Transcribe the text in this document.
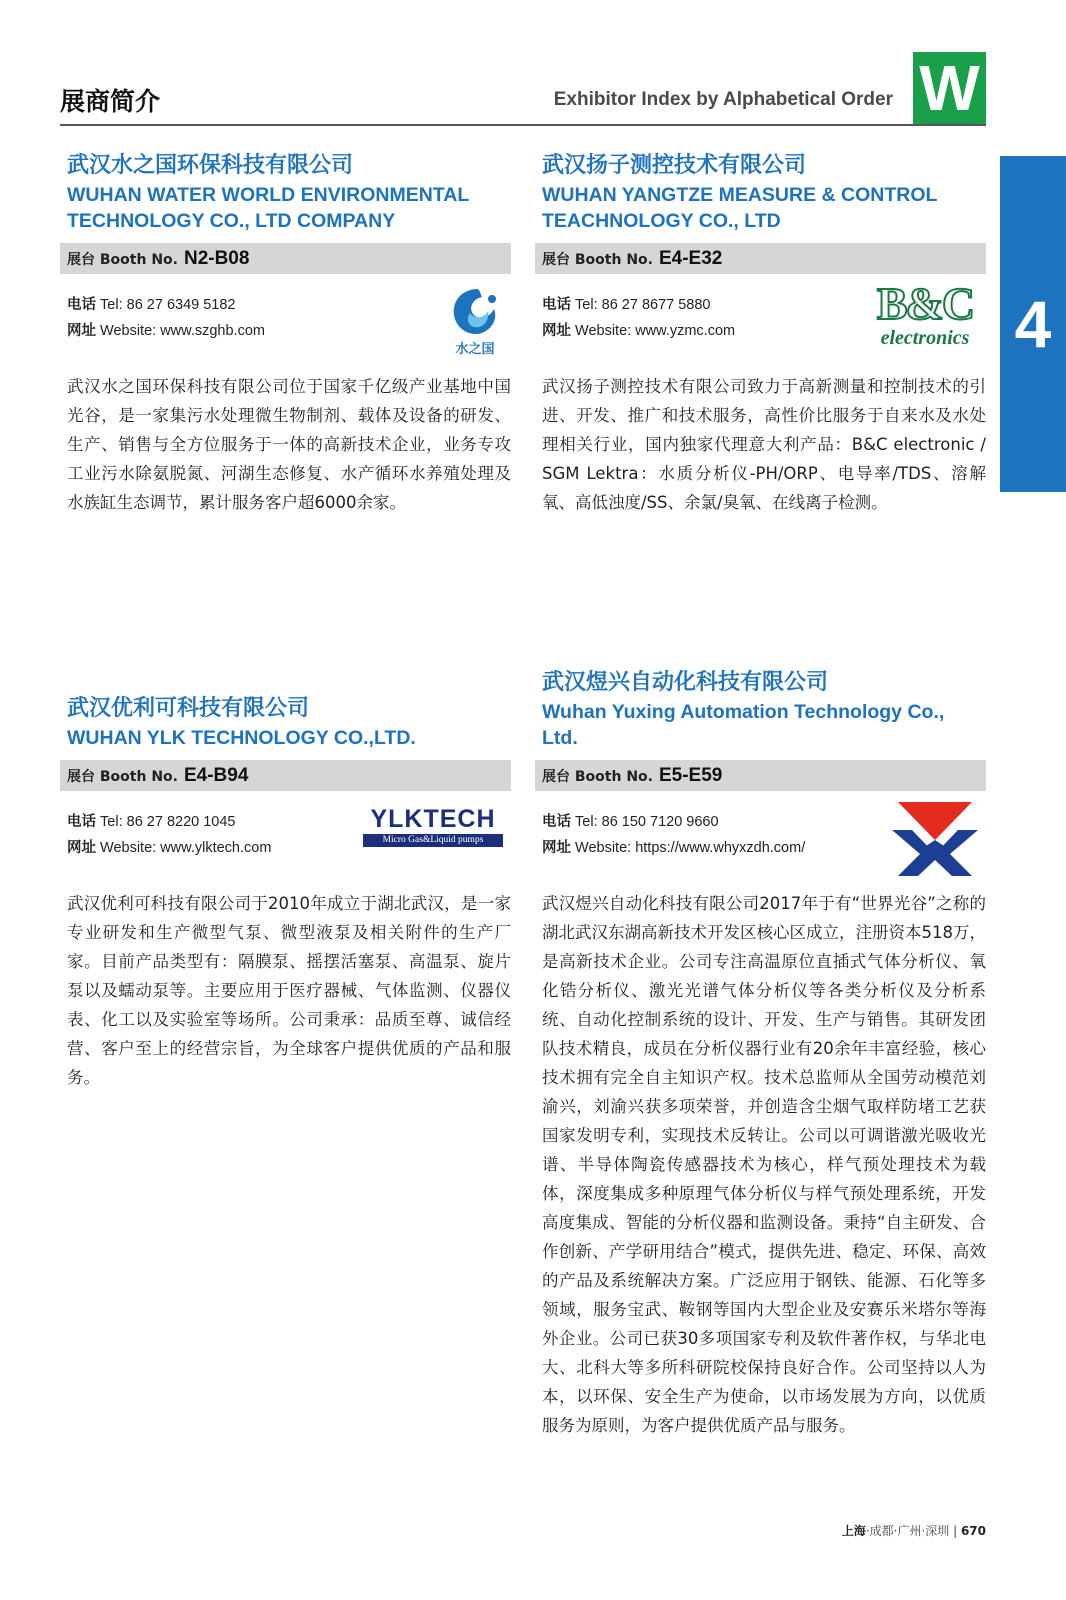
展商简介	Exhibitor Index by Alphabetical Order W
4
武汉水之国环保科技有限公司
WUHAN WATER WORLD ENVIRONMENTAL
TECHNOLOGY CO., LTD COMPANY
展台 Booth No. N2-B08
电话 Tel: 86 27 6349 5182
网址 Website: www.szghb.com
水之国
武汉水之国环保科技有限公司位于国家千亿级产业基地中国光谷，是一家集污水处理微生物制剂、载体及设备的研发、生产、销售与全方位服务于一体的高新技术企业，业务专攻工业污水除氨脱氮、河湖生态修复、水产循环水养殖处理及水族缸生态调节，累计服务客户超6000余家。
武汉扬子测控技术有限公司
WUHAN YANGTZE MEASURE & CONTROL
TEACHNOLOGY CO., LTD
展台 Booth No. E4-E32
电话 Tel: 86 27 8677 5880
网址 Website: www.yzmc.com
B&C
electronics
武汉扬子测控技术有限公司致力于高新测量和控制技术的引进、开发、推广和技术服务，高性价比服务于自来水及水处理相关行业，国内独家代理意大利产品：B&C electronic / SGM Lektra：水质分析仪-PH/ORP、电导率/TDS、溶解氧、高低浊度/SS、余氯/臭氧、在线离子检测。
武汉优利可科技有限公司
WUHAN YLK TECHNOLOGY CO.,LTD.
展台 Booth No. E4-B94
电话 Tel: 86 27 8220 1045
网址 Website: www.ylktech.com
YLKTECH
Micro Gas&Liquid pumps
武汉优利可科技有限公司于2010年成立于湖北武汉，是一家专业研发和生产微型气泵、微型液泵及相关附件的生产厂家。目前产品类型有：隔膜泵、摇摆活塞泵、高温泵、旋片泵以及蠕动泵等。主要应用于医疗器械、气体监测、仪器仪表、化工以及实验室等场所。公司秉承：品质至尊、诚信经营、客户至上的经营宗旨，为全球客户提供优质的产品和服务。
武汉煜兴自动化科技有限公司
Wuhan Yuxing Automation Technology Co.,
Ltd.
展台 Booth No. E5-E59
电话 Tel: 86 150 7120 9660
网址 Website: https://www.whyxzdh.com/
武汉煜兴自动化科技有限公司2017年于有“世界光谷”之称的湖北武汉东湖高新技术开发区核心区成立，注册资本518万，是高新技术企业。公司专注高温原位直插式气体分析仪、氧化锆分析仪、激光光谱气体分析仪等各类分析仪及分析系统、自动化控制系统的设计、开发、生产与销售。其研发团队技术精良，成员在分析仪器行业有20余年丰富经验，核心技术拥有完全自主知识产权。技术总监师从全国劳动模范刘渝兴，刘渝兴获多项荣誉，并创造含尘烟气取样防堵工艺获国家发明专利，实现技术反转让。公司以可调谐激光吸收光谱、半导体陶瓷传感器技术为核心，样气预处理技术为载体，深度集成多种原理气体分析仪与样气预处理系统，开发高度集成、智能的分析仪器和监测设备。秉持“自主研发、合作创新、产学研用结合”模式，提供先进、稳定、环保、高效的产品及系统解决方案。广泛应用于钢铁、能源、石化等多领域，服务宝武、鞍钢等国内大型企业及安赛乐米塔尔等海外企业。公司已获30多项国家专利及软件著作权，与华北电大、北科大等多所科研院校保持良好合作。公司坚持以人为本，以环保、安全生产为使命，以市场发展为方向，以优质服务为原则，为客户提供优质产品与服务。
上海·成都·广州·深圳 | 670
